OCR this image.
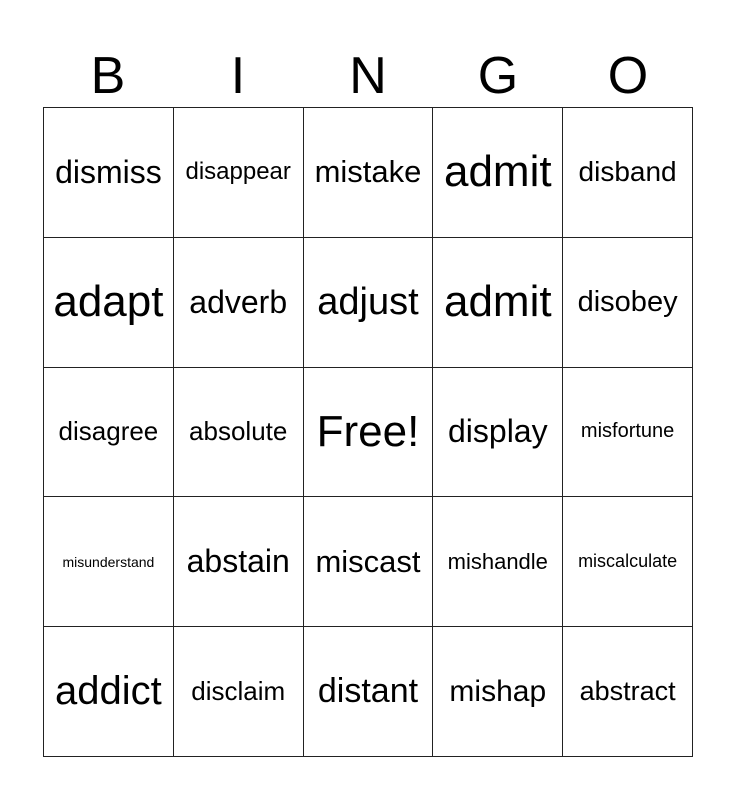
B	I	N	G	O
dismiss disappear mistake admit disband
adapt adverb adjust admit disobey
disagree	absolute Free! display	misfortune
misunderstand	abstain miscast	mishandle	miscalculate
addict	disclaim distant	mishap	abstract
